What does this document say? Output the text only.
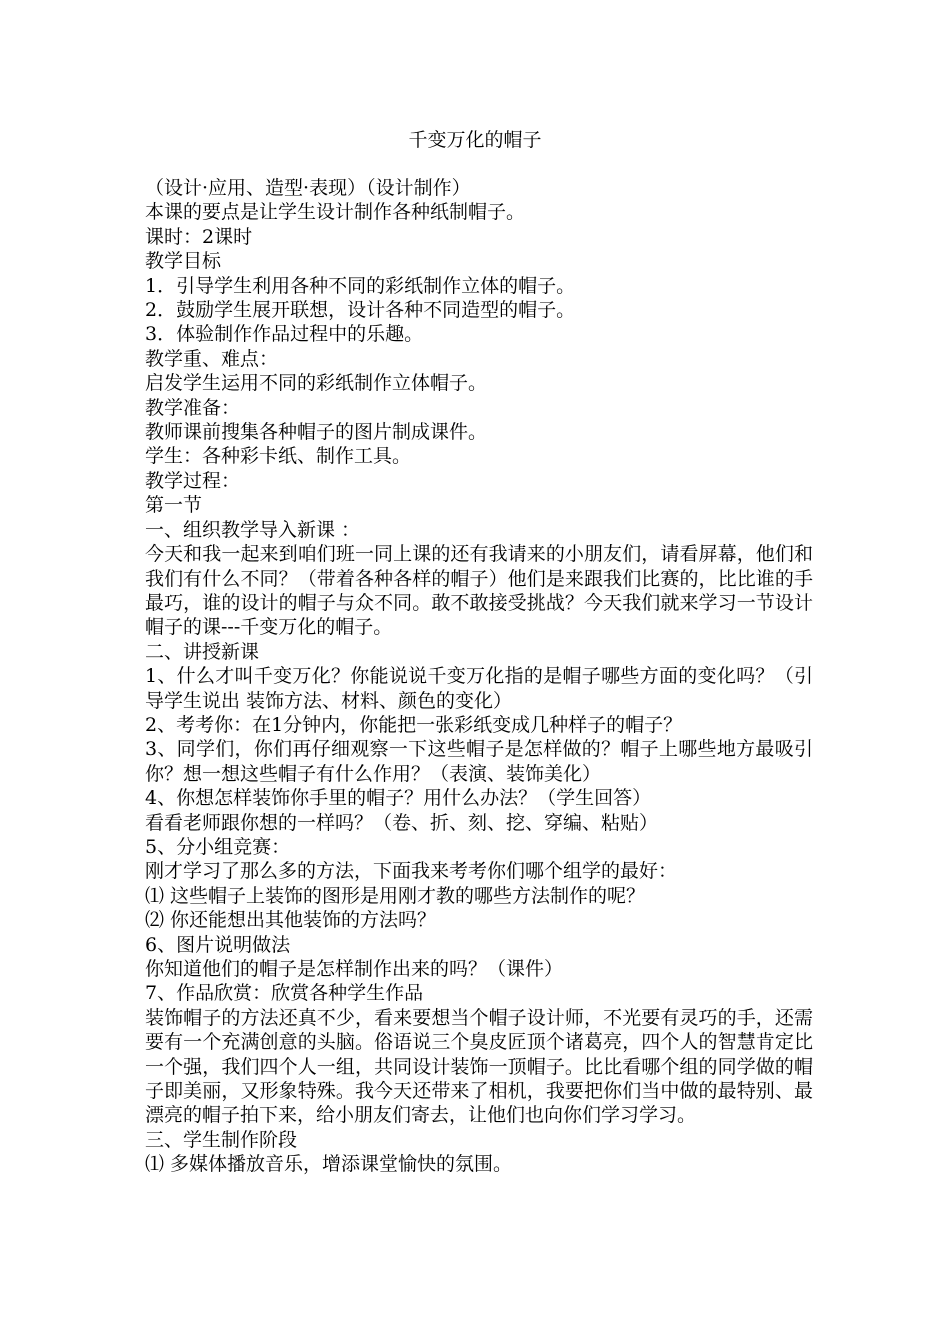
千变万化的帽子

（设计·应用、造型·表现）（设计制作）

本课的要点是让学生设计制作各种纸制帽子。

课时：2课时

教学目标

1．引导学生利用各种不同的彩纸制作立体的帽子。

2．鼓励学生展开联想，设计各种不同造型的帽子。

3．体验制作作品过程中的乐趣。

教学重、难点：

启发学生运用不同的彩纸制作立体帽子。

教学准备：

教师课前搜集各种帽子的图片制成课件。

学生：各种彩卡纸、制作工具。

教学过程：

第一节

一、组织教学导入新课 ：

今天和我一起来到咱们班一同上课的还有我请来的小朋友们，请看屏幕，他们和我们有什么不同？（带着各种各样的帽子）他们是来跟我们比赛的，比比谁的手最巧，谁的设计的帽子与众不同。敢不敢接受挑战？今天我们就来学习一节设计帽子的课---千变万化的帽子。

二、讲授新课

1、什么才叫千变万化？你能说说千变万化指的是帽子哪些方面的变化吗？（引导学生说出 装饰方法、材料、颜色的变化）

2、考考你：在1分钟内，你能把一张彩纸变成几种样子的帽子？

3、同学们，你们再仔细观察一下这些帽子是怎样做的？帽子上哪些地方最吸引你？想一想这些帽子有什么作用？（表演、装饰美化）

4、你想怎样装饰你手里的帽子？用什么办法？（学生回答）

看看老师跟你想的一样吗？（卷、折、刻、挖、穿编、粘贴）

5、分小组竞赛：

刚才学习了那么多的方法，下面我来考考你们哪个组学的最好：

⑴ 这些帽子上装饰的图形是用刚才教的哪些方法制作的呢？

⑵ 你还能想出其他装饰的方法吗？

6、图片说明做法

你知道他们的帽子是怎样制作出来的吗？（课件）

7、作品欣赏：欣赏各种学生作品

装饰帽子的方法还真不少，看来要想当个帽子设计师，不光要有灵巧的手，还需要有一个充满创意的头脑。俗语说三个臭皮匠顶个诸葛亮，四个人的智慧肯定比一个强，我们四个人一组，共同设计装饰一顶帽子。比比看哪个组的同学做的帽子即美丽，又形象特殊。我今天还带来了相机，我要把你们当中做的最特别、最漂亮的帽子拍下来，给小朋友们寄去，让他们也向你们学习学习。

三、学生制作阶段

⑴ 多媒体播放音乐，增添课堂愉快的氛围。
